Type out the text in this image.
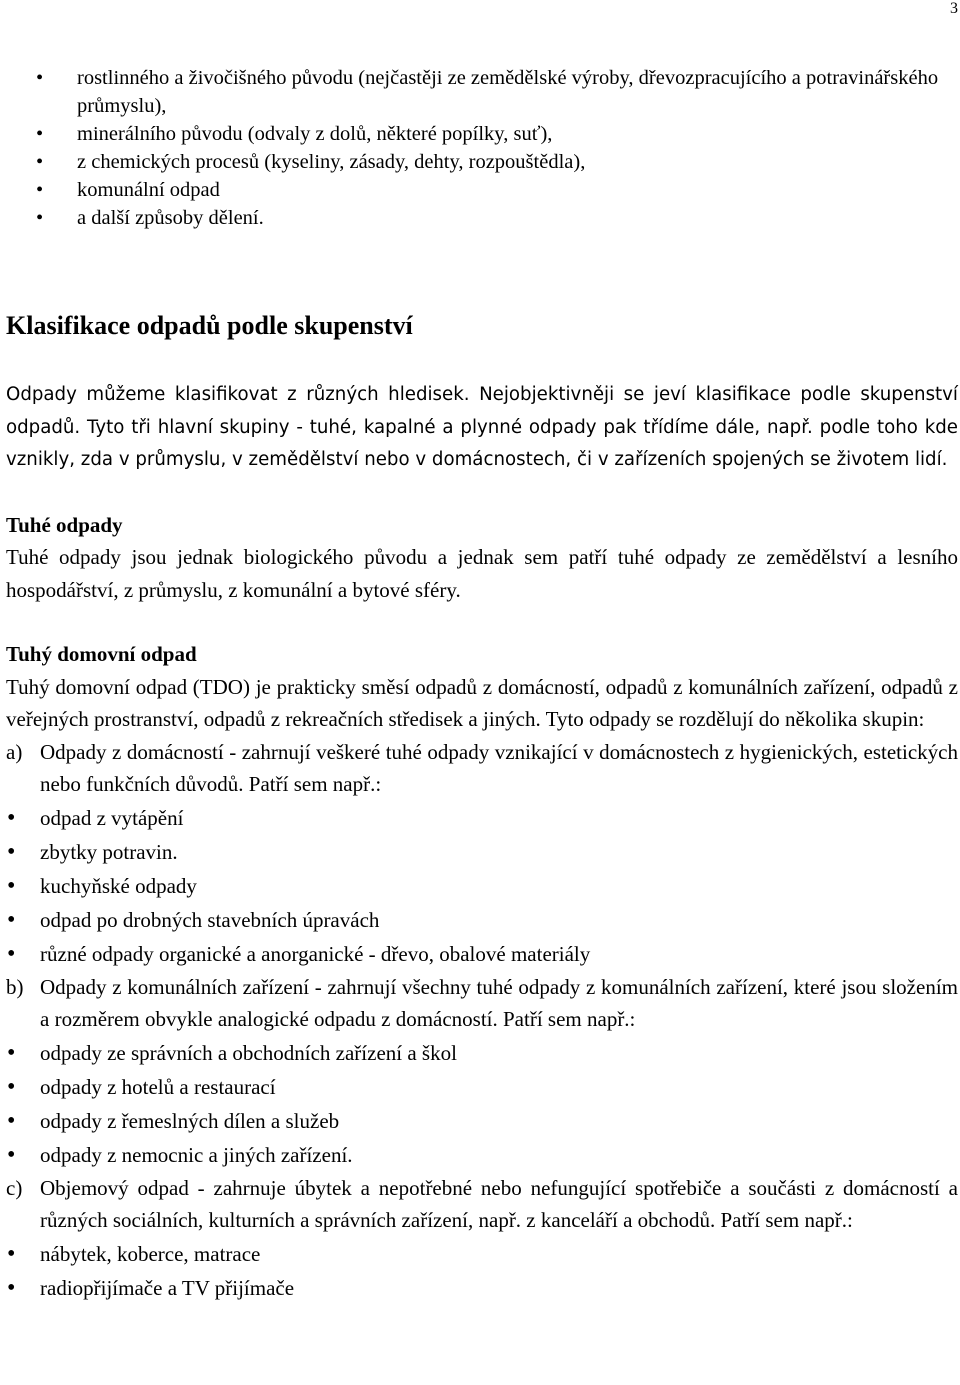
3
• rostlinného a živočišného původu (nejčastěji ze zemědělské výroby, dřevozpracujícího a potravinářského průmyslu),
• minerálního původu (odvaly z dolů, některé popílky, suť),
• z chemických procesů (kyseliny, zásady, dehty, rozpouštědla),
• komunální odpad
• a další způsoby dělení.
Klasifikace odpadů podle skupenství

Odpady můžeme klasifikovat z různých hledisek. Nejobjektivněji se jeví klasifikace podle skupenství odpadů. Tyto tři hlavní skupiny - tuhé, kapalné a plynné odpady pak třídíme dále, např. podle toho kde vznikly, zda v průmyslu, v zemědělství nebo v domácnostech, či v zařízeních spojených se životem lidí.

Tuhé odpady

Tuhé odpady jsou jednak biologického původu a jednak sem patří tuhé odpady ze zemědělství a lesního hospodářství, z průmyslu, z komunální a bytové sféry.

Tuhý domovní odpad

Tuhý domovní odpad (TDO) je prakticky směsí odpadů z domácností, odpadů z komunálních zařízení, odpadů z veřejných prostranství, odpadů z rekreačních středisek a jiných. Tyto odpady se rozdělují do několika skupin:

a) Odpady z domácností - zahrnují veškeré tuhé odpady vznikající v domácnostech z hygienických, estetických nebo funkčních důvodů. Patří sem např.:
• odpad z vytápění
• zbytky potravin.
• kuchyňské odpady
• odpad po drobných stavebních úpravách
• různé odpady organické a anorganické - dřevo, obalové materiály
b) Odpady z komunálních zařízení - zahrnují všechny tuhé odpady z komunálních zařízení, které jsou složením a rozměrem obvykle analogické odpadu z domácností. Patří sem např.:
• odpady ze správních a obchodních zařízení a škol
• odpady z hotelů a restaurací
• odpady z řemeslných dílen a služeb
• odpady z nemocnic a jiných zařízení.
c) Objemový odpad - zahrnuje úbytek a nepotřebné nebo nefungující spotřebiče a součásti z domácností a různých sociálních, kulturních a správních zařízení, např. z kanceláří a obchodů. Patří sem např.:
• nábytek, koberce, matrace
• radiopřijímače a TV přijímače
